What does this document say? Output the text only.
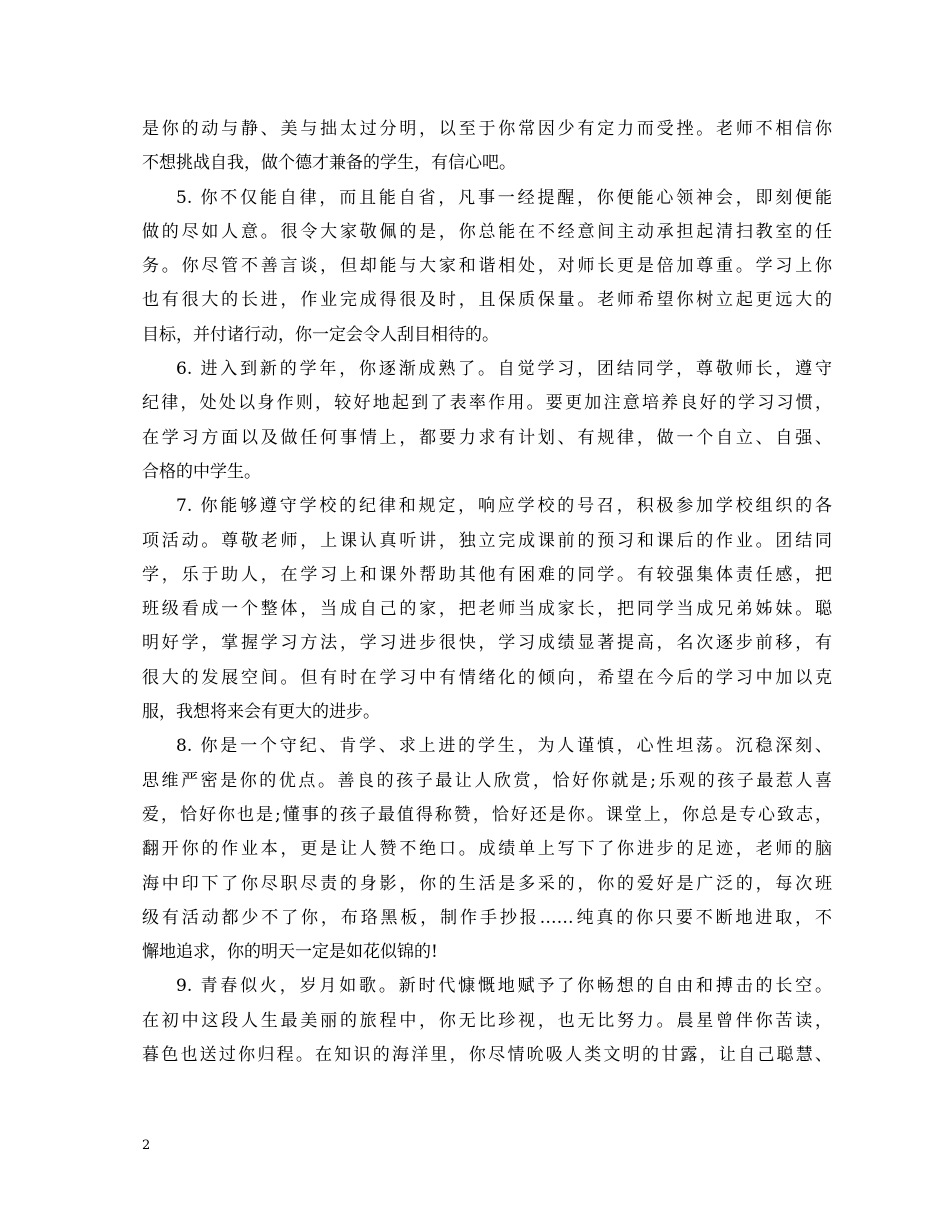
是你的动与静、美与拙太过分明，以至于你常因少有定力而受挫。老师不相信你
不想挑战自我，做个德才兼备的学生，有信心吧。
5. 你不仅能自律，而且能自省，凡事一经提醒，你便能心领神会，即刻便能
做的尽如人意。很令大家敬佩的是，你总能在不经意间主动承担起清扫教室的任
务。你尽管不善言谈，但却能与大家和谐相处，对师长更是倍加尊重。学习上你
也有很大的长进，作业完成得很及时，且保质保量。老师希望你树立起更远大的
目标，并付诸行动，你一定会令人刮目相待的。
6. 进入到新的学年，你逐渐成熟了。自觉学习，团结同学，尊敬师长，遵守
纪律，处处以身作则，较好地起到了表率作用。要更加注意培养良好的学习习惯，
在学习方面以及做任何事情上，都要力求有计划、有规律，做一个自立、自强、
合格的中学生。
7. 你能够遵守学校的纪律和规定，响应学校的号召，积极参加学校组织的各
项活动。尊敬老师，上课认真听讲，独立完成课前的预习和课后的作业。团结同
学，乐于助人，在学习上和课外帮助其他有困难的同学。有较强集体责任感，把
班级看成一个整体，当成自己的家，把老师当成家长，把同学当成兄弟姊妹。聪
明好学，掌握学习方法，学习进步很快，学习成绩显著提高，名次逐步前移，有
很大的发展空间。但有时在学习中有情绪化的倾向，希望在今后的学习中加以克
服，我想将来会有更大的进步。
8. 你是一个守纪、肯学、求上进的学生，为人谨慎，心性坦荡。沉稳深刻、
思维严密是你的优点。善良的孩子最让人欣赏，恰好你就是;乐观的孩子最惹人喜
爱，恰好你也是;懂事的孩子最值得称赞，恰好还是你。课堂上，你总是专心致志，
翻开你的作业本，更是让人赞不绝口。成绩单上写下了你进步的足迹，老师的脑
海中印下了你尽职尽责的身影，你的生活是多采的，你的爱好是广泛的，每次班
级有活动都少不了你，布珞黑板，制作手抄报……纯真的你只要不断地进取，不
懈地追求，你的明天一定是如花似锦的!
9. 青春似火，岁月如歌。新时代慷慨地赋予了你畅想的自由和搏击的长空。
在初中这段人生最美丽的旅程中，你无比珍视，也无比努力。晨星曾伴你苦读，
暮色也送过你归程。在知识的海洋里，你尽情吮吸人类文明的甘露，让自己聪慧、
2
